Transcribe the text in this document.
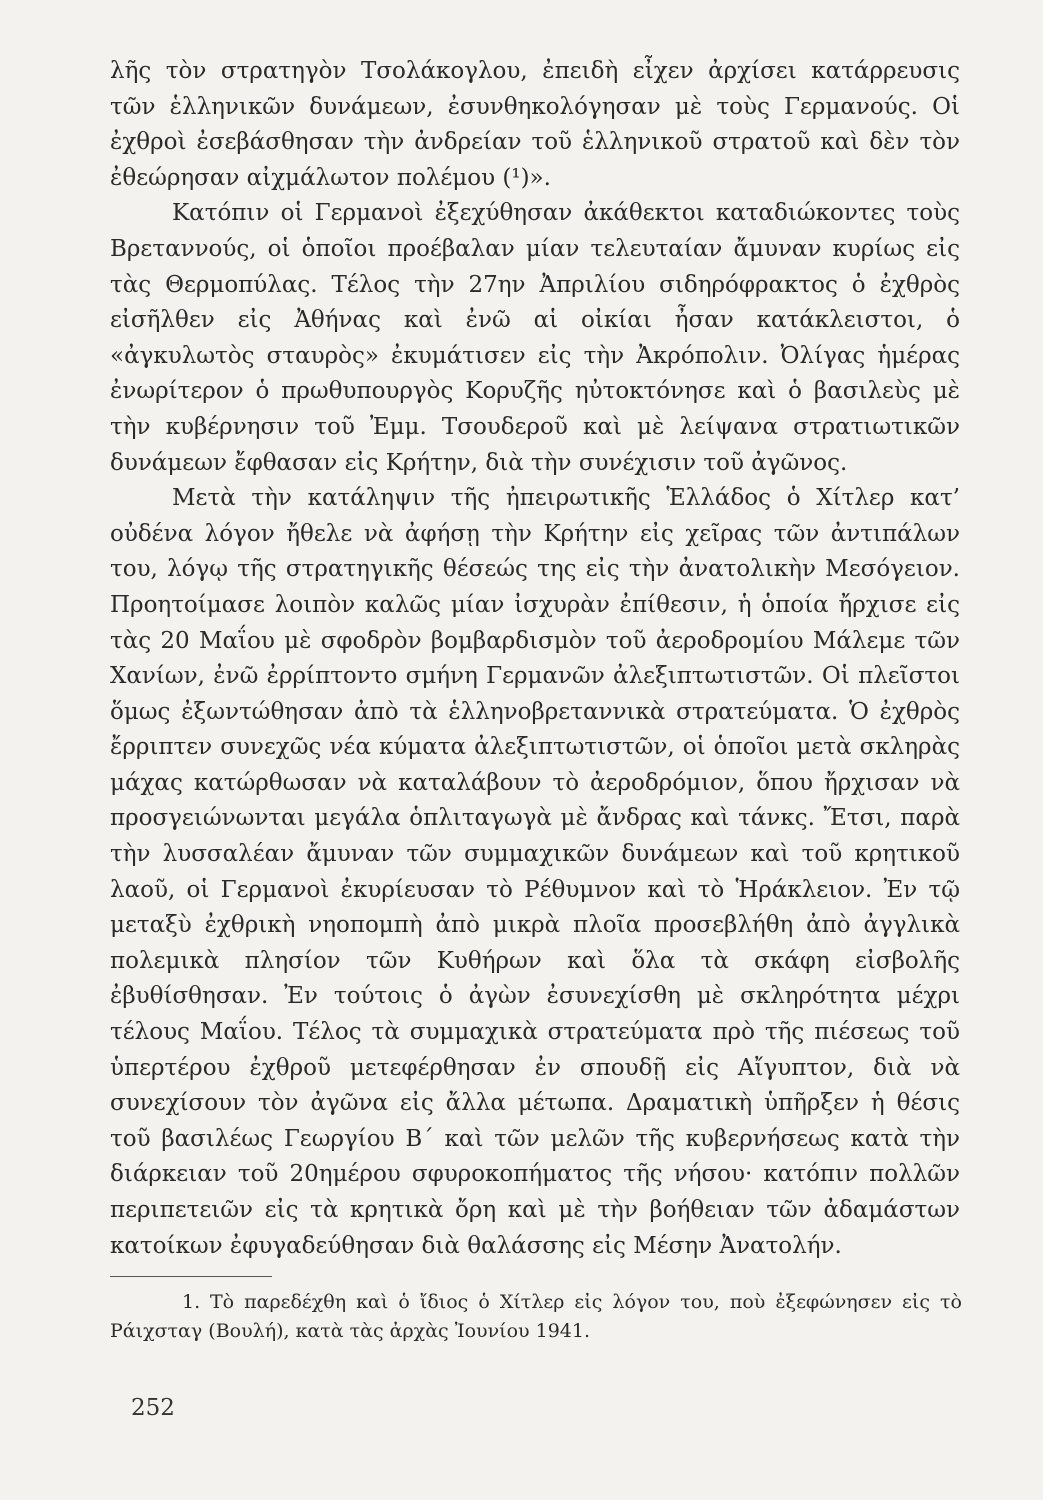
λῆς τὸν στρατηγὸν Τσολάκογλου, ἐπειδὴ εἶχεν ἀρχίσει κατάρρευσις τῶν ἑλληνικῶν δυνάμεων, ἐσυνθηκολόγησαν μὲ τοὺς Γερμανούς. Οἱ ἐχθροὶ ἐσεβάσθησαν τὴν ἀνδρείαν τοῦ ἑλληνικοῦ στρατοῦ καὶ δὲν τὸν ἐθεώρησαν αἰχμάλωτον πολέμου (¹)».

Κατόπιν οἱ Γερμανοὶ ἐξεχύθησαν ἀκάθεκτοι καταδιώκοντες τοὺς Βρεταννούς, οἱ ὁποῖοι προέβαλαν μίαν τελευταίαν ἄμυναν κυρίως εἰς τὰς Θερμοπύλας. Τέλος τὴν 27ην Ἀπριλίου σιδηρόφρακτος ὁ ἐχθρὸς εἰσῆλθεν εἰς Ἀθήνας καὶ ἐνῶ αἱ οἰκίαι ἦσαν κατάκλειστοι, ὁ «ἀγκυλωτὸς σταυρὸς» ἐκυμάτισεν εἰς τὴν Ἀκρόπολιν. Ὀλίγας ἡμέρας ἐνωρίτερον ὁ πρωθυπουργὸς Κορυζῆς ηὐτοκτόνησε καὶ ὁ βασιλεὺς μὲ τὴν κυβέρνησιν τοῦ Ἐμμ. Τσουδεροῦ καὶ μὲ λείψανα στρατιωτικῶν δυνάμεων ἔφθασαν εἰς Κρήτην, διὰ τὴν συνέχισιν τοῦ ἀγῶνος.

Μετὰ τὴν κατάληψιν τῆς ἠπειρωτικῆς Ἑλλάδος ὁ Χίτλερ κατ’ οὐδένα λόγον ἤθελε νὰ ἀφήσῃ τὴν Κρήτην εἰς χεῖρας τῶν ἀντιπάλων του, λόγῳ τῆς στρατηγικῆς θέσεώς της εἰς τὴν ἀνατολικὴν Μεσόγειον. Προητοίμασε λοιπὸν καλῶς μίαν ἰσχυρὰν ἐπίθεσιν, ἡ ὁποία ἤρχισε εἰς τὰς 20 Μαΐου μὲ σφοδρὸν βομβαρδισμὸν τοῦ ἀεροδρομίου Μάλεμε τῶν Χανίων, ἐνῶ ἐρρίπτοντο σμήνη Γερμανῶν ἀλεξιπτωτιστῶν. Οἱ πλεῖστοι ὅμως ἐξωντώθησαν ἀπὸ τὰ ἑλληνοβρεταννικὰ στρατεύματα. Ὁ ἐχθρὸς ἔρριπτεν συνεχῶς νέα κύματα ἀλεξιπτωτιστῶν, οἱ ὁποῖοι μετὰ σκληρὰς μάχας κατώρθωσαν νὰ καταλάβουν τὸ ἀεροδρόμιον, ὅπου ἤρχισαν νὰ προσγειώνωνται μεγάλα ὁπλιταγωγὰ μὲ ἄνδρας καὶ τάνκς. Ἔτσι, παρὰ τὴν λυσσαλέαν ἄμυναν τῶν συμμαχικῶν δυνάμεων καὶ τοῦ κρητικοῦ λαοῦ, οἱ Γερμανοὶ ἐκυρίευσαν τὸ Ρέθυμνον καὶ τὸ Ἡράκλειον. Ἐν τῷ μεταξὺ ἐχθρικὴ νηοπομπὴ ἀπὸ μικρὰ πλοῖα προσεβλήθη ἀπὸ ἀγγλικὰ πολεμικὰ πλησίον τῶν Κυθήρων καὶ ὅλα τὰ σκάφη εἰσβολῆς ἐβυθίσθησαν. Ἐν τούτοις ὁ ἀγὼν ἐσυνεχίσθη μὲ σκληρότητα μέχρι τέλους Μαΐου. Τέλος τὰ συμμαχικὰ στρατεύματα πρὸ τῆς πιέσεως τοῦ ὑπερτέρου ἐχθροῦ μετεφέρθησαν ἐν σπουδῇ εἰς Αἴγυπτον, διὰ νὰ συνεχίσουν τὸν ἀγῶνα εἰς ἄλλα μέτωπα. Δραματικὴ ὑπῆρξεν ἡ θέσις τοῦ βασιλέως Γεωργίου Β΄ καὶ τῶν μελῶν τῆς κυβερνήσεως κατὰ τὴν διάρκειαν τοῦ 20ημέρου σφυροκοπήματος τῆς νήσου· κατόπιν πολλῶν περιπετειῶν εἰς τὰ κρητικὰ ὄρη καὶ μὲ τὴν βοήθειαν τῶν ἀδαμάστων κατοίκων ἐφυγαδεύθησαν διὰ θαλάσσης εἰς Μέσην Ἀνατολήν.

1. Τὸ παρεδέχθη καὶ ὁ ἴδιος ὁ Χίτλερ εἰς λόγον του, ποὺ ἐξεφώνησεν εἰς τὸ Ράιχσταγ (Βουλή), κατὰ τὰς ἀρχὰς Ἰουνίου 1941.
252
